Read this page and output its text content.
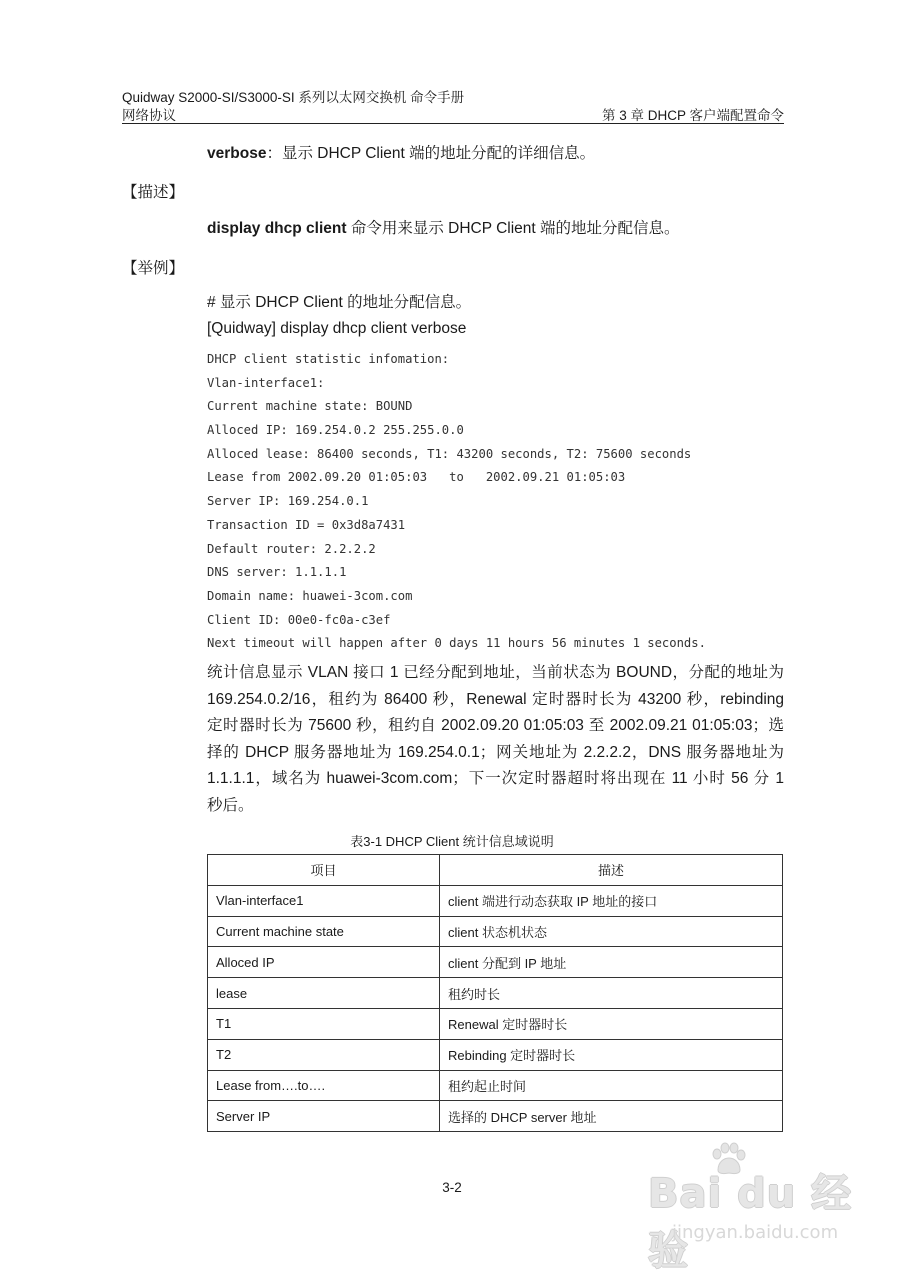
Quidway S2000-SI/S3000-SI 系列以太网交换机 命令手册
网络协议	第 3 章 DHCP 客户端配置命令
verbose：显示 DHCP Client 端的地址分配的详细信息。
【描述】
display dhcp client 命令用来显示 DHCP Client 端的地址分配信息。
【举例】
# 显示 DHCP Client 的地址分配信息。
[Quidway] display dhcp client verbose
DHCP client statistic infomation:
Vlan-interface1:
Current machine state: BOUND
Alloced IP: 169.254.0.2 255.255.0.0
Alloced lease: 86400 seconds, T1: 43200 seconds, T2: 75600 seconds
Lease from 2002.09.20 01:05:03   to   2002.09.21 01:05:03
Server IP: 169.254.0.1
Transaction ID = 0x3d8a7431
Default router: 2.2.2.2
DNS server: 1.1.1.1
Domain name: huawei-3com.com
Client ID: 00e0-fc0a-c3ef
Next timeout will happen after 0 days 11 hours 56 minutes 1 seconds.
统计信息显示 VLAN 接口 1 已经分配到地址，当前状态为 BOUND，分配的地址为
169.254.0.2/16，租约为 86400 秒，Renewal 定时器时长为 43200 秒，rebinding
定时器时长为 75600 秒，租约自 2002.09.20 01:05:03 至 2002.09.21 01:05:03；选
择的 DHCP 服务器地址为 169.254.0.1；网关地址为 2.2.2.2，DNS 服务器地址为
1.1.1.1，域名为 huawei-3com.com；下一次定时器超时将出现在 11 小时 56 分 1
秒后。
表3-1 DHCP Client 统计信息域说明
项目	描述
Vlan-interface1	client 端进行动态获取 IP 地址的接口
Current machine state	client 状态机状态
Alloced IP	client 分配到 IP 地址
lease	租约时长
T1	Renewal 定时器时长
T2	Rebinding 定时器时长
Lease from….to….	租约起止时间
Server IP	选择的 DHCP server 地址
3-2	Bai du 经验
jingyan.baidu.com
